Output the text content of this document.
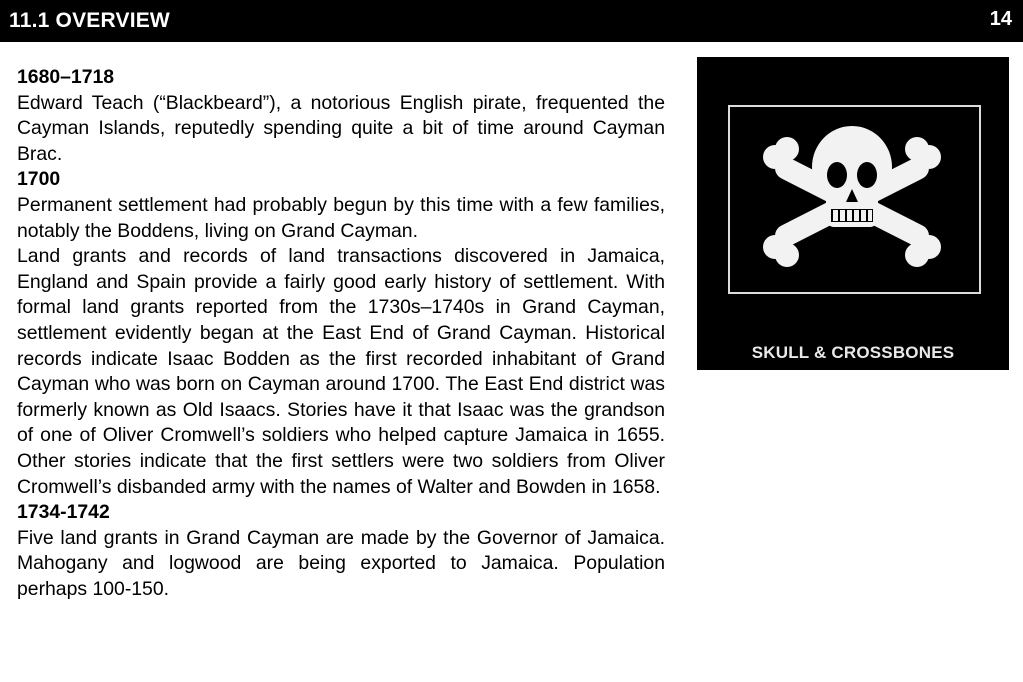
11.1 OVERVIEW	14

1680–1718

Edward Teach (“Blackbeard”), a notorious English pirate, frequented the Cayman Islands, reputedly spending quite a bit of time around Cayman Brac.

1700

Permanent settlement had probably begun by this time with a few families, notably the Boddens, living on Grand Cayman.

Land grants and records of land transactions discovered in Jamaica, England and Spain provide a fairly good early history of settlement. With formal land grants reported from the 1730s–1740s in Grand Cayman, settlement evidently began at the East End of Grand Cayman. Historical records indicate Isaac Bodden as the first recorded inhabitant of Grand Cayman who was born on Cayman around 1700. The East End district was formerly known as Old Isaacs. Stories have it that Isaac was the grandson of one of Oliver Cromwell’s soldiers who helped capture Jamaica in 1655. Other stories indicate that the first settlers were two soldiers from Oliver Cromwell’s disbanded army with the names of Walter and Bowden in 1658.

1734-1742

Five land grants in Grand Cayman are made by the Governor of Jamaica. Mahogany and logwood are being exported to Jamaica. Population perhaps 100-150.

SKULL & CROSSBONES
